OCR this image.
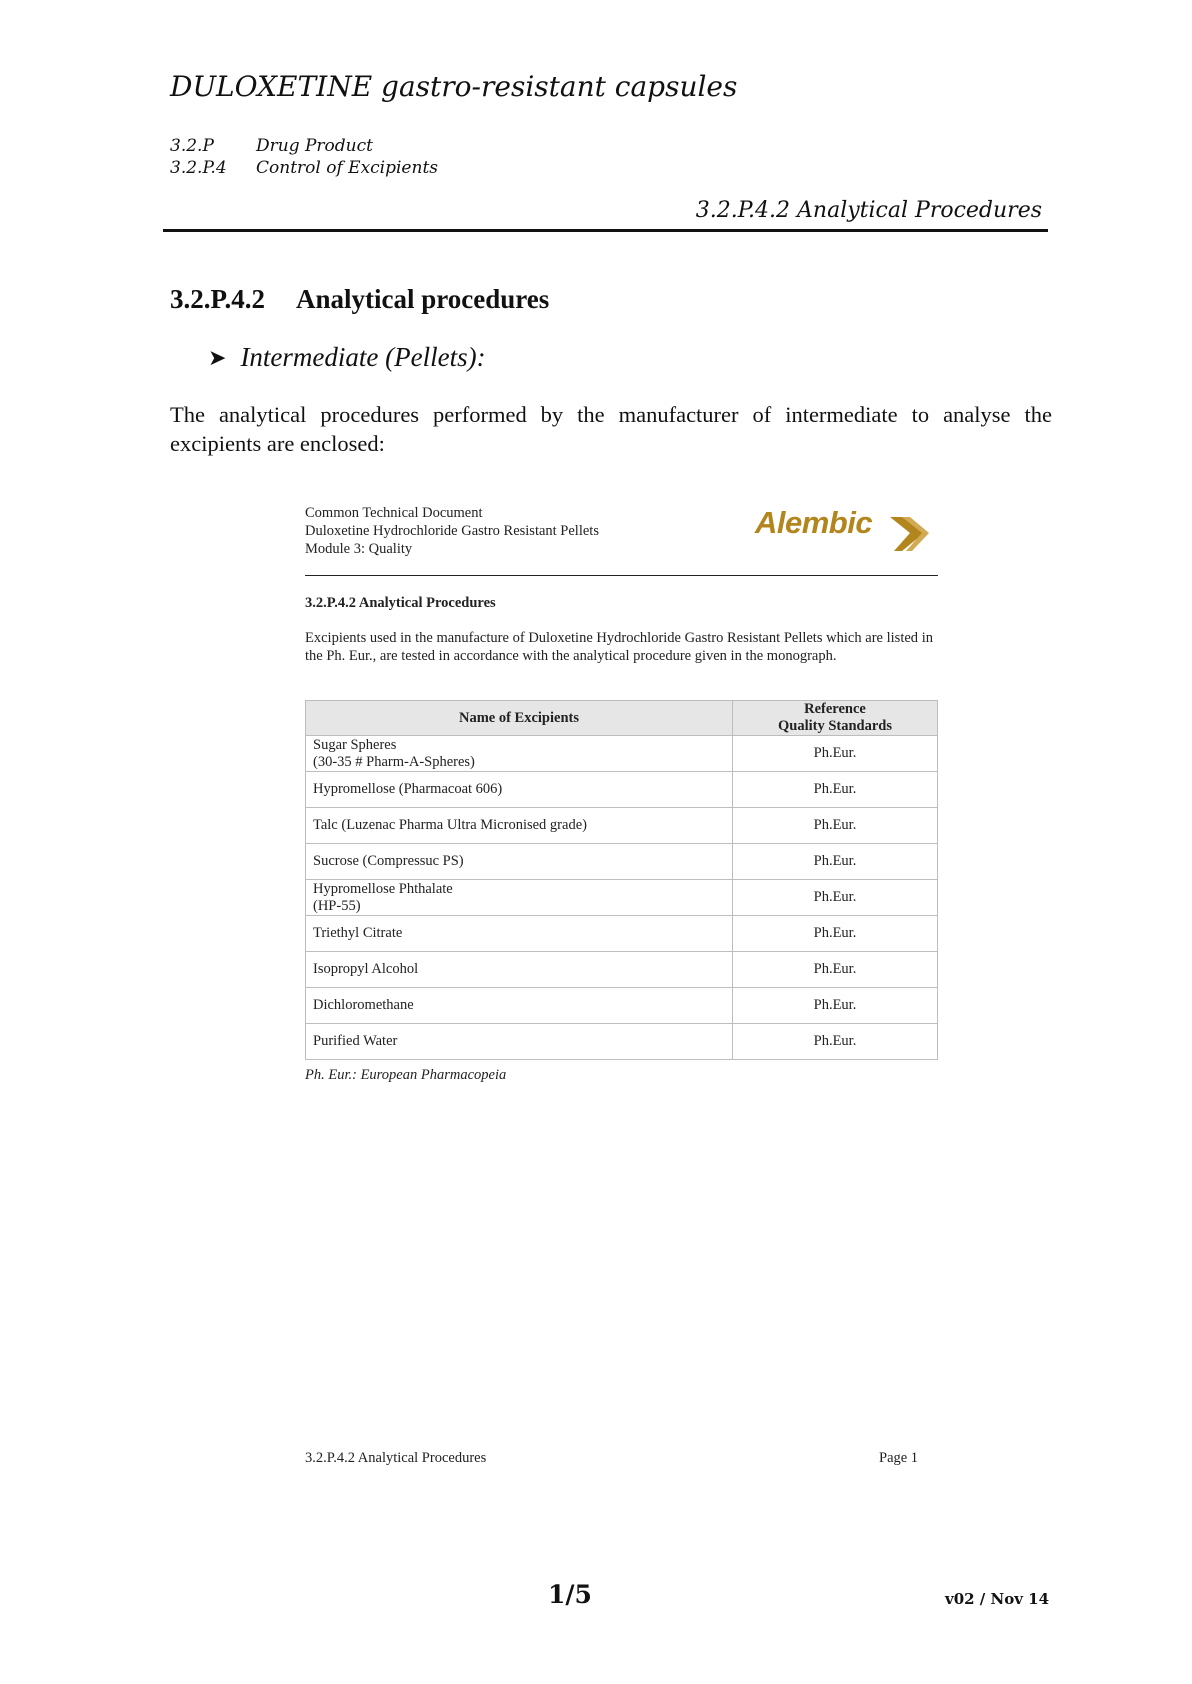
DULOXETINE gastro-resistant capsules
3.2.P	Drug Product
3.2.P.4	Control of Excipients
3.2.P.4.2 Analytical Procedures
3.2.P.4.2 Analytical procedures
➤ Intermediate (Pellets):
The analytical procedures performed by the manufacturer of intermediate to analyse the excipients are enclosed:
Common Technical Document
Duloxetine Hydrochloride Gastro Resistant Pellets
Module 3: Quality
Alembic
3.2.P.4.2 Analytical Procedures
Excipients used in the manufacture of Duloxetine Hydrochloride Gastro Resistant Pellets which are listed in the Ph. Eur., are tested in accordance with the analytical procedure given in the monograph.
Name of Excipients	Reference
Quality Standards

Sugar Spheres
(30-35 # Pharm-A-Spheres)	Ph.Eur.
Hypromellose (Pharmacoat 606)	Ph.Eur.
Talc (Luzenac Pharma Ultra Micronised grade)	Ph.Eur.
Sucrose (Compressuc PS)	Ph.Eur.

Hypromellose Phthalate
(HP-55)	Ph.Eur.
Triethyl Citrate	Ph.Eur.
Isopropyl Alcohol	Ph.Eur.
Dichloromethane	Ph.Eur.
Purified Water	Ph.Eur.
Ph. Eur.: European Pharmacopeia
3.2.P.4.2 Analytical Procedures	Page 1
1/5	v02 / Nov 14
